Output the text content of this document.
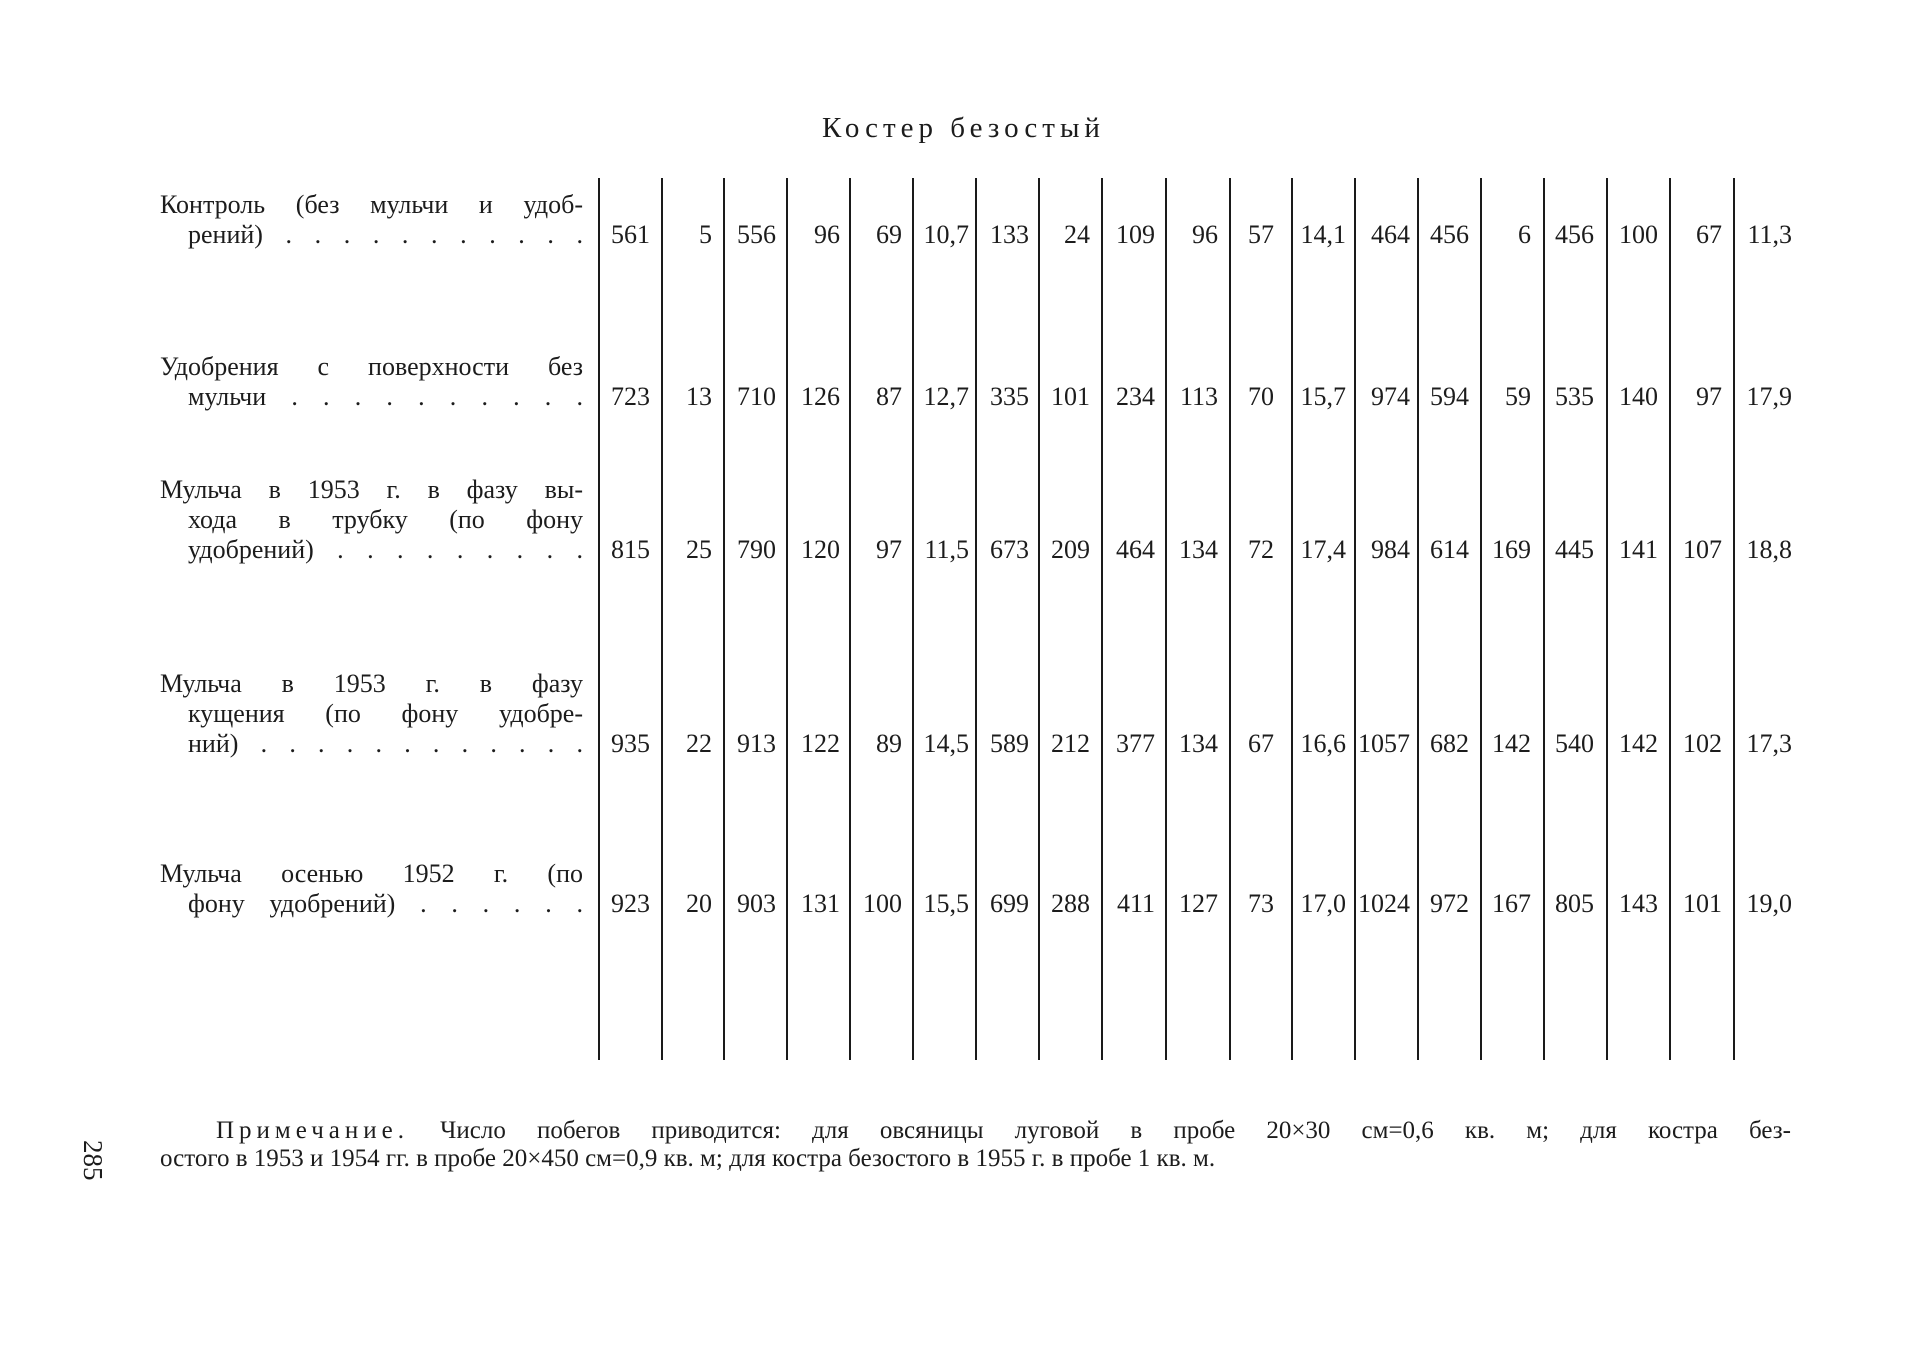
Костер безостый
Контроль (без мульчи и удоб-
рений) . . . . . . . . . . .	561	5 556	96	69 10,7 133	24	109	96	57	14,1 464 456	6 456 100	67 11,3
Удобрения с поверхности без
мульчи . . . . . . . . . .	723	13 710 126	87 12,7 335 101	234 113	70	15,7 974 594	59 535 140	97 17,9
Мульча в 1953 г. в фазу вы-
хода в трубку (по фону
удобрений) . . . . . . . . .	815	25 790 120	97 11,5 673 209	464 134	72	17,4 984 614 169 445 141 107 18,8
Мульча в 1953 г. в фазу
кущения (по фону удобре-
ний) . . . . . . . . . . . .	935	22 913 122	89 14,5 589 212	377 134	67	16,6 1057 682 142 540 142 102 17,3
Мульча осенью 1952 г. (по
фону удобрений) . . . . . .	923	20 903 131 100 15,5 699 288	411 127	73	17,0 1024 972 167 805 143 101 19,0
Примечание. Число побегов приводится: для овсяницы луговой в пробе 20×30 см=0,6 кв. м; для костра без-
остого в 1953 и 1954 гг. в пробе 20×450 см=0,9 кв. м; для костра безостого в 1955 г. в пробе 1 кв. м.
285
